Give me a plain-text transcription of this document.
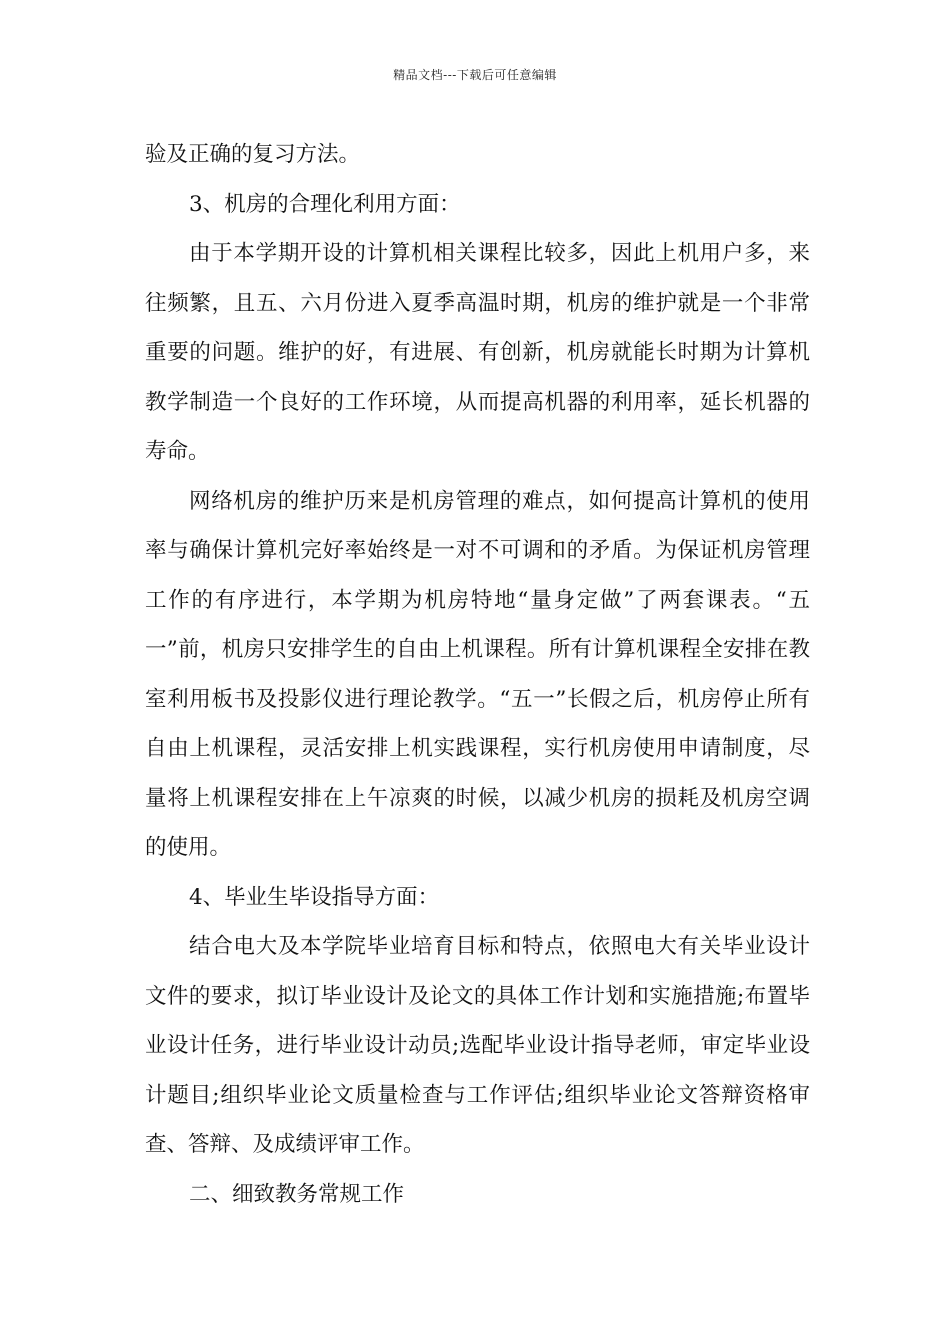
精品文档---下载后可任意编辑

验及正确的复习方法。

3、机房的合理化利用方面：

由于本学期开设的计算机相关课程比较多，因此上机用户多，来往频繁，且五、六月份进入夏季高温时期，机房的维护就是一个非常重要的问题。维护的好，有进展、有创新，机房就能长时期为计算机教学制造一个良好的工作环境，从而提高机器的利用率，延长机器的寿命。

网络机房的维护历来是机房管理的难点，如何提高计算机的使用率与确保计算机完好率始终是一对不可调和的矛盾。为保证机房管理工作的有序进行，本学期为机房特地“量身定做”了两套课表。“五一”前，机房只安排学生的自由上机课程。所有计算机课程全安排在教室利用板书及投影仪进行理论教学。“五一”长假之后，机房停止所有自由上机课程，灵活安排上机实践课程，实行机房使用申请制度，尽量将上机课程安排在上午凉爽的时候，以减少机房的损耗及机房空调的使用。

4、毕业生毕设指导方面：

结合电大及本学院毕业培育目标和特点，依照电大有关毕业设计文件的要求，拟订毕业设计及论文的具体工作计划和实施措施;布置毕业设计任务，进行毕业设计动员;选配毕业设计指导老师，审定毕业设计题目;组织毕业论文质量检查与工作评估;组织毕业论文答辩资格审查、答辩、及成绩评审工作。

二、细致教务常规工作
